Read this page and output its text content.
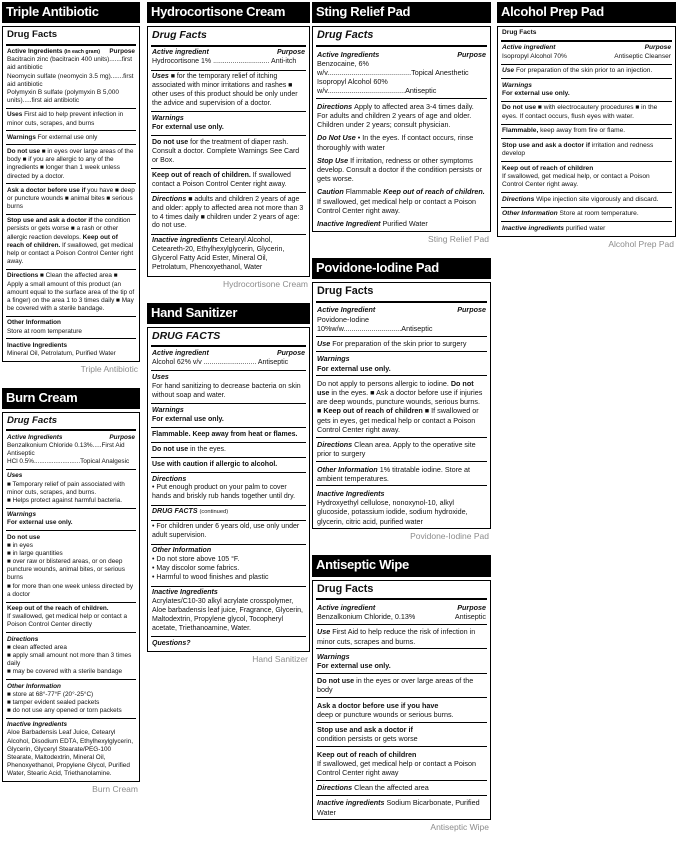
Triple Antibiotic
Drug Facts
Active Ingredients (in each gram) Purpose
Bacitracin zinc (bacitracin 400 units).......first aid antibiotic
Neomycin sulfate (neomycin 3.5 mg).......first aid antibiotic
Polymyxin B sulfate (polymyxin B 5,000 units).....first aid antibiotic
Uses First aid to help prevent infection in minor cuts, scrapes, and burns
Warnings For external use only
Do not use ■ in eyes over large areas of the body ■ if you are allergic to any of the ingredients ■ longer than 1 week unless directed by a doctor.
Ask a doctor before use if you have ■ deep or puncture wounds ■ animal bites ■ serious burns
Stop use and ask a doctor if the condition persists or gets worse ■ a rash or other allergic reaction develops. Keep out of reach of children. If swallowed, get medical help or contact a Poison Control Center right away.
Directions ■ Clean the affected area ■ Apply a small amount of this product (an amount equal to the surface area of the tip of a finger) on the area 1 to 3 times daily ■ May be covered with a sterile bandage.
Other Information
Store at room temperature
Inactive Ingredients
Mineral Oil, Petrolatum, Purified Water
Triple Antibiotic
Burn Cream
Drug Facts
Active Ingredients	Purpose
Benzalkonium Chloride 0.13%.....First Aid Antiseptic
HCl 0.5%..........................Topical Analgesic
Uses
■ Temporary relief of pain associated with minor cuts, scrapes, and burns.
■ Helps protect against harmful bacteria.
Warnings
For external use only.
Do not use
■ in eyes
■ in large quantities
■ over raw or blistered areas, or on deep puncture wounds, animal bites, or serious burns
■ for more than one week unless directed by a doctor
Keep out of the reach of children.
If swallowed, get medical help or contact a Poison Control Center directly
Directions
■ clean affected area
■ apply small amount not more than 3 times daily
■ may be covered with a sterile bandage
Other Information
■ store at 68°-77°F (20°-25°C)
■ tamper evident sealed packets
■ do not use any opened or torn packets
Inactive Ingredients
Aloe Barbadensis Leaf Juice, Cetearyl Alcohol, Disodium EDTA, Ethylhexylglycerin, Glycerin, Glyceryl Stearate/PEG-100 Stearate, Maltodextrin, Mineral Oil, Phenoxyethanol, Propylene Glycol, Purified Water, Stearic Acid, Triethanolamine.
Burn Cream
Hydrocortisone Cream
Drug Facts
Active ingredient	Purpose
Hydrocortisone 1% ............................. Anti-itch
Uses ■ for the temporary relief of itching associated with minor irritations and rashes ■ other uses of this product should be only under the advice and supervision of a doctor.
Warnings
For external use only.
Do not use for the treatment of diaper rash. Consult a doctor. Complete Warnings See Card or Box.
Keep out of reach of children. If swallowed contact a Poison Control Center right away.
Directions ■ adults and children 2 years of age and older: apply to affected area not more than 3 to 4 times daily ■ children under 2 years of age: do not use.
Inactive ingredients Cetearyl Alcohol, Ceteareth-20, Ethylhexylglycerin, Glycerin, Glycerol Fatty Acid Ester, Mineral Oil, Petrolatum, Phenoxyethanol, Water
Hydrocortisone Cream
Hand Sanitizer
DRUG FACTS
Active ingredient	Purpose
Alcohol 62% v/v ........................... Antiseptic
Uses
For hand sanitizing to decrease bacteria on skin without soap and water.
Warnings
For external use only.
Flammable. Keep away from heat or flames.
Do not use in the eyes.
Use with caution if allergic to alcohol.
Directions
• Put enough product on your palm to cover hands and briskly rub hands together until dry.
DRUG FACTS (continued)
• For children under 6 years old, use only under adult supervision.
Other Information
• Do not store above 105 °F.
• May discolor some fabrics.
• Harmful to wood finishes and plastic
Inactive Ingredients
Acrylates/C10-30 alkyl acrylate crosspolymer, Aloe barbadensis leaf juice, Fragrance, Glycerin, Maltodextrin, Propylene glycol, Tocopheryl acetate, Triethanoamine, Water.
Questions?
Hand Sanitizer
Sting Relief Pad
Drug Facts
Active Ingredients	Purpose
Benzocaine, 6% w/v..........................................Topical Anesthetic
Isopropyl Alcohol 60% w/v.......................................Antiseptic
Directions Apply to affected area 3-4 times daily. For adults and children 2 years of age and older. Children under 2 years; consult physician.
Do Not Use • In the eyes. If contact occurs, rinse thoroughly with water
Stop Use If irritation, redness or other symptoms develop. Consult a doctor if the condition persists or gets worse.
Caution Flammable Keep out of reach of children. If swallowed, get medical help or contact a Poison Control Center right away.
Inactive Ingredient Purified Water
Sting Relief Pad
Povidone-Iodine Pad
Drug Facts
Active Ingredient	Purpose
Povidone-Iodine 10%w/w.............................Antiseptic
Use For preparation of the skin prior to surgery
Warnings
For external use only.
Do not apply to persons allergic to iodine. Do not use in the eyes. ■ Ask a doctor before use if injuries are deep wounds, puncture wounds, serious burns. ■ Keep out of reach of children ■ If swallowed or gets in eyes, get medical help or contact a Poison Control Center right away.
Directions Clean area. Apply to the operative site prior to surgery
Other Information 1% titratable iodine. Store at ambient temperatures.
Inactive Ingredients
Hydroxyethyl cellulose, nonoxynol-10, alkyl glucoside, potassium iodide, sodium hydroxide, glycerin, citric acid, purified water
Povidone-Iodine Pad
Antiseptic Wipe
Drug Facts
Active ingredient	Purpose
Benzalkonium Chloride, 0.13%	Antiseptic
Use First Aid to help reduce the risk of infection in minor cuts, scrapes and burns.
Warnings
For external use only.
Do not use in the eyes or over large areas of the body
Ask a doctor before use if you have
deep or puncture wounds or serious burns.
Stop use and ask a doctor if
condition persists or gets worse
Keep out of reach of children
If swallowed, get medical help or contact a Poison Control Center right away
Directions Clean the affected area
Inactive ingredients Sodium Bicarbonate, Purified Water
Antiseptic Wipe
Alcohol Prep Pad
Drug Facts
Active ingredient	Purpose
Isopropyl Alcohol 70%	Antiseptic Cleanser
Use For preparation of the skin prior to an injection.
Warnings
For external use only.
Do not use ■ with electrocautery procedures ■ in the eyes. If contact occurs, flush eyes with water.
Flammable, keep away from fire or flame.
Stop use and ask a doctor if irritation and redness develop
Keep out of reach of children
If swallowed, get medical help, or contact a Poison Control Center right away.
Directions Wipe injection site vigorously and discard.
Other Information Store at room temperature.
Inactive ingredients purified water
Alcohol Prep Pad
